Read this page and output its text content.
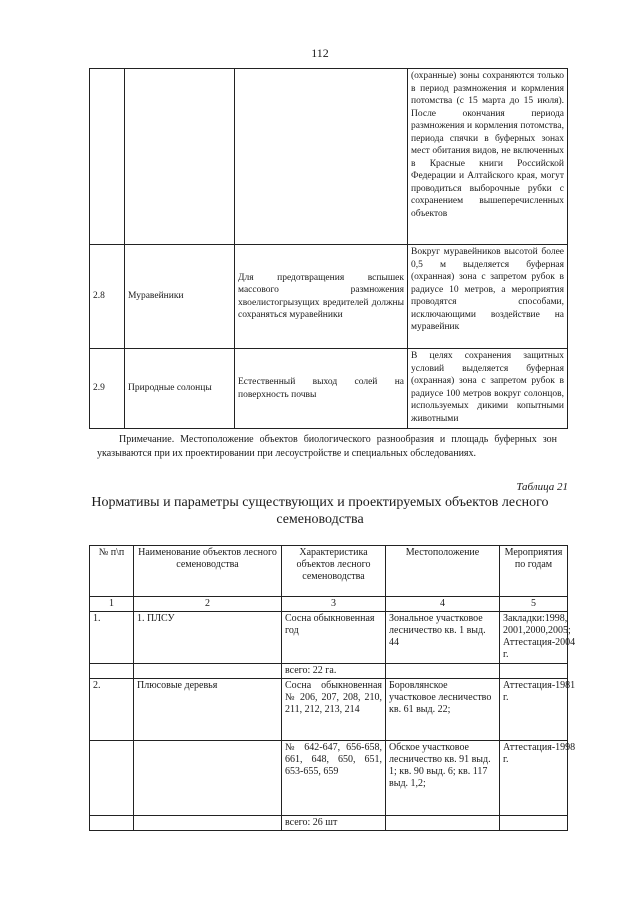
112
			(охранные) зоны сохраняются только в период размножения и кормления потомства (с 15 марта до 15 июля). После окончания периода размножения и кормления потомства, периода спячки в буферных зонах мест обитания видов, не включенных в Красные книги Российской Федерации и Алтайского края, могут проводиться выборочные рубки с сохранением вышеперечисленных объектов
2.8	Муравейники	Для предотвращения вспышек массового размножения хвоелистогрызущих вредителей должны сохраняться муравейники	Вокруг муравейников высотой более 0,5 м выделяется буферная (охранная) зона с запретом рубок в радиусе 10 метров, а мероприятия проводятся способами, исключающими воздействие на муравейник
2.9	Природные солонцы	Естественный выход солей на поверхность почвы	В целях сохранения защитных условий выделяется буферная (охранная) зона с запретом рубок в радиусе 100 метров вокруг солонцов, используемых дикими копытными животными
Примечание. Местоположение объектов биологического разнообразия и площадь буферных зон указываются при их проектировании при лесоустройстве и специальных обследованиях.
Таблица 21
Нормативы и параметры существующих и проектируемых объектов лесного семеноводства
№ п\п	Наименование объектов лесного семеноводства	Характеристика объектов лесного семеноводства	Местоположение	Мероприятия по годам
1	2	3	4	5
1.	1. ПЛСУ	Сосна обыкновенная год	Зональное участковое лесничество кв. 1 выд. 44	Закладки:1998, 2001,2000,2005; Аттестация-2004 г.
		всего: 22 га.		
2.	Плюсовые деревья	Сосна обыкновенная № 206, 207, 208, 210, 211, 212, 213, 214	Боровлянское участковое лесничество кв. 61 выд. 22;	Аттестация-1981 г.
		№ 642-647, 656-658, 661, 648, 650, 651, 653-655, 659	Обское участковое лесничество кв. 91 выд. 1; кв. 90 выд. 6; кв. 117 выд. 1,2;	Аттестация-1998 г.
		всего: 26 шт		
